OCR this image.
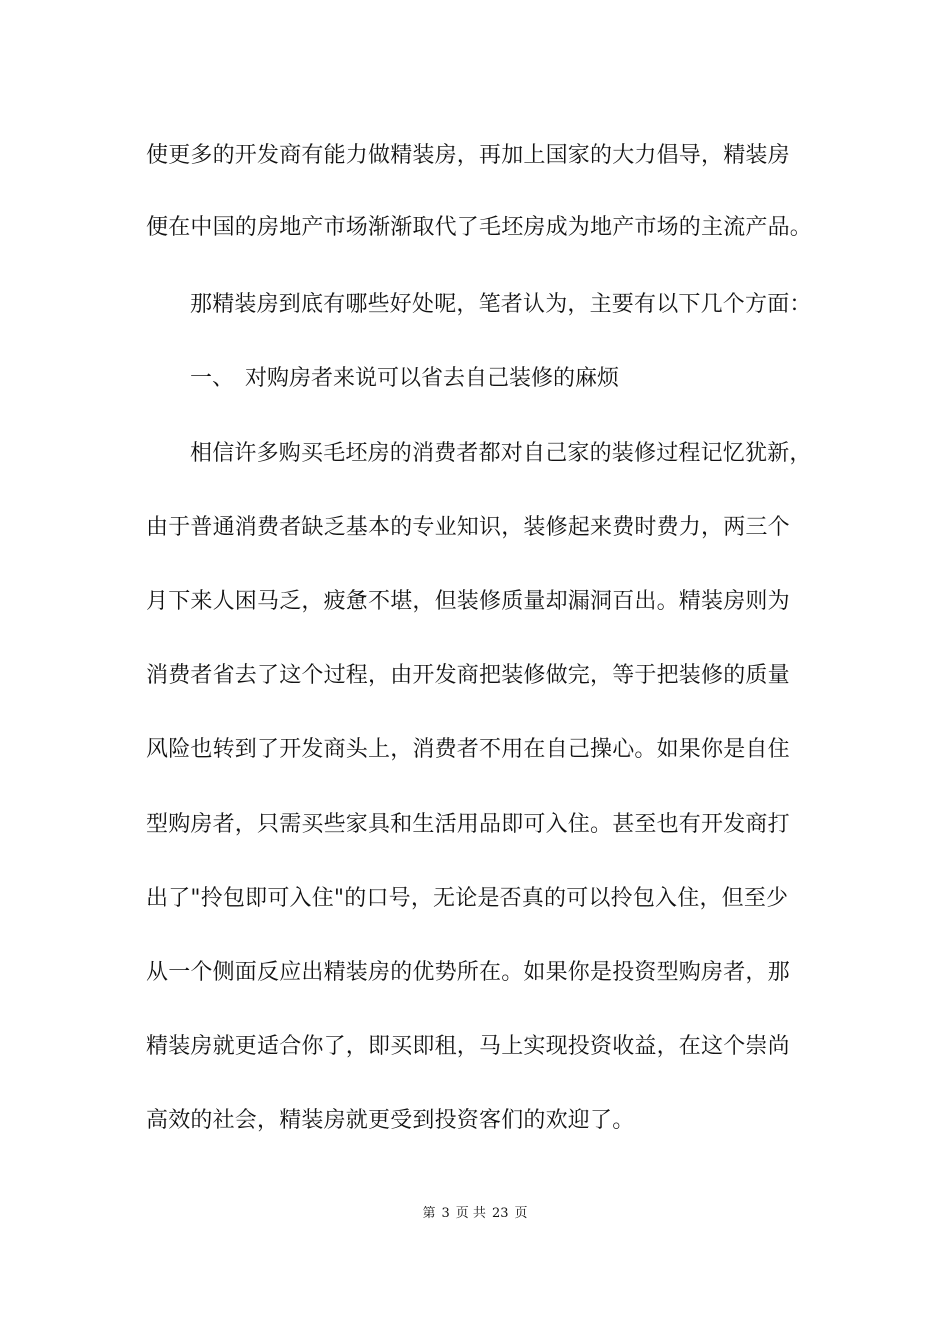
使更多的开发商有能力做精装房，再加上国家的大力倡导，精装房
便在中国的房地产市场渐渐取代了毛坯房成为地产市场的主流产品。
那精装房到底有哪些好处呢，笔者认为，主要有以下几个方面：
一、 对购房者来说可以省去自己装修的麻烦
相信许多购买毛坯房的消费者都对自己家的装修过程记忆犹新，
由于普通消费者缺乏基本的专业知识，装修起来费时费力，两三个
月下来人困马乏，疲惫不堪，但装修质量却漏洞百出。精装房则为
消费者省去了这个过程，由开发商把装修做完，等于把装修的质量
风险也转到了开发商头上，消费者不用在自己操心。如果你是自住
型购房者，只需买些家具和生活用品即可入住。甚至也有开发商打
出了"拎包即可入住"的口号，无论是否真的可以拎包入住，但至少
从一个侧面反应出精装房的优势所在。如果你是投资型购房者，那
精装房就更适合你了，即买即租，马上实现投资收益，在这个崇尚
高效的社会，精装房就更受到投资客们的欢迎了。
第 3 页 共 23 页
